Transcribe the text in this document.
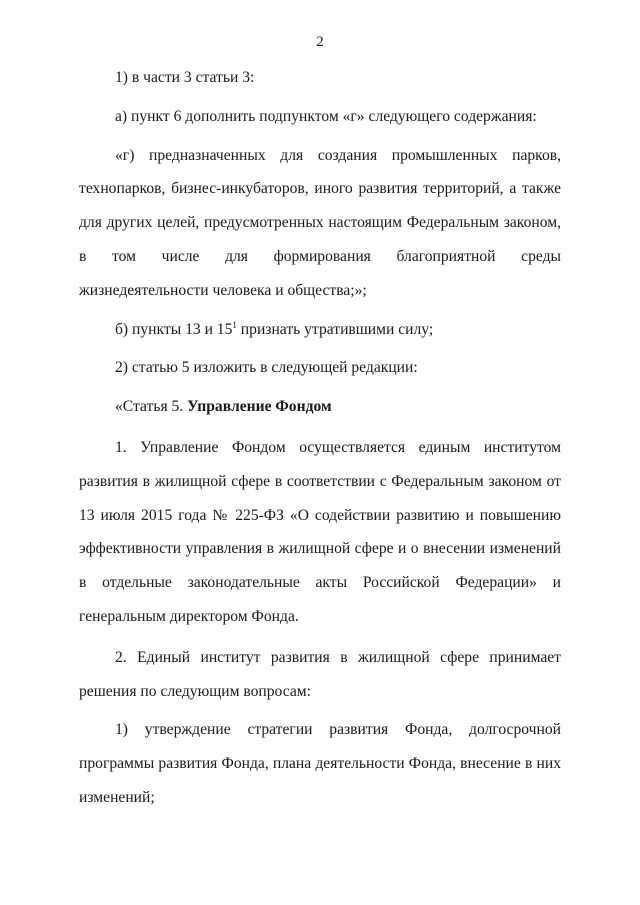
2

1) в части 3 статьи 3:

а) пункт 6 дополнить подпунктом «г» следующего содержания:

«г) предназначенных для создания промышленных парков, технопарков, бизнес-инкубаторов, иного развития территорий, а также для других целей, предусмотренных настоящим Федеральным законом, в том числе для формирования благоприятной среды жизнедеятельности человека и общества;»;

б) пункты 13 и $15^1$ признать утратившими силу;

2) статью 5 изложить в следующей редакции:

«Статья 5. Управление Фондом

1. Управление Фондом осуществляется единым институтом развития в жилищной сфере в соответствии с Федеральным законом от 13 июля 2015 года № 225-ФЗ «О содействии развитию и повышению эффективности управления в жилищной сфере и о внесении изменений в отдельные законодательные акты Российской Федерации» и генеральным директором Фонда.

2. Единый институт развития в жилищной сфере принимает решения по следующим вопросам:

1) утверждение стратегии развития Фонда, долгосрочной программы развития Фонда, плана деятельности Фонда, внесение в них изменений;
